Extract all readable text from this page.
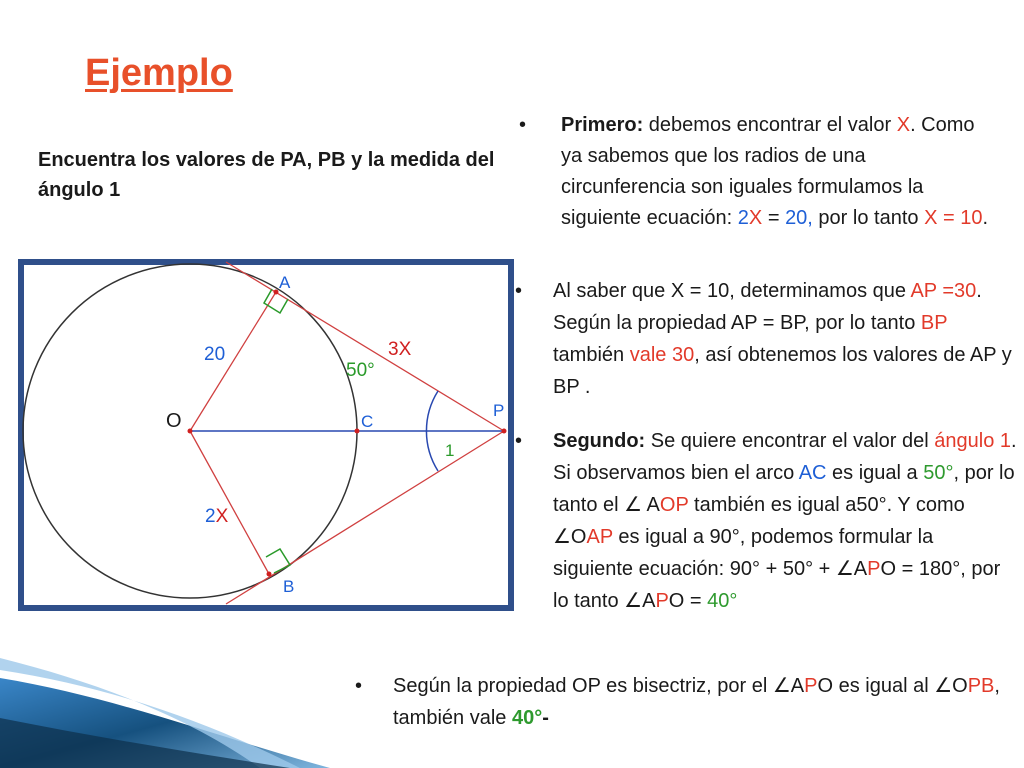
Ejemplo
Encuentra los valores de PA, PB y la medida del ángulo 1
A
B
O	C
P
20	3X
50°
1
2X
• Primero: debemos encontrar el valor X. Como ya sabemos que los radios de una circunferencia son iguales formulamos la siguiente ecuación: 2X = 20, por lo tanto X = 10.
• Al saber que X = 10, determinamos que AP =30. Según la propiedad AP = BP, por lo tanto BP también vale 30, así obtenemos los valores de AP y BP .
• Segundo: Se quiere encontrar el valor del ángulo 1. Si observamos bien el arco AC es igual a 50°, por lo tanto el ∠ AOP también es igual a50°. Y como ∠OAP es igual a 90°, podemos formular la siguiente ecuación: 90° + 50° + ∠APO = 180°, por lo tanto ∠APO = 40°
• Según la propiedad OP es bisectriz, por el ∠APO es igual al ∠OPB, también vale 40°-
